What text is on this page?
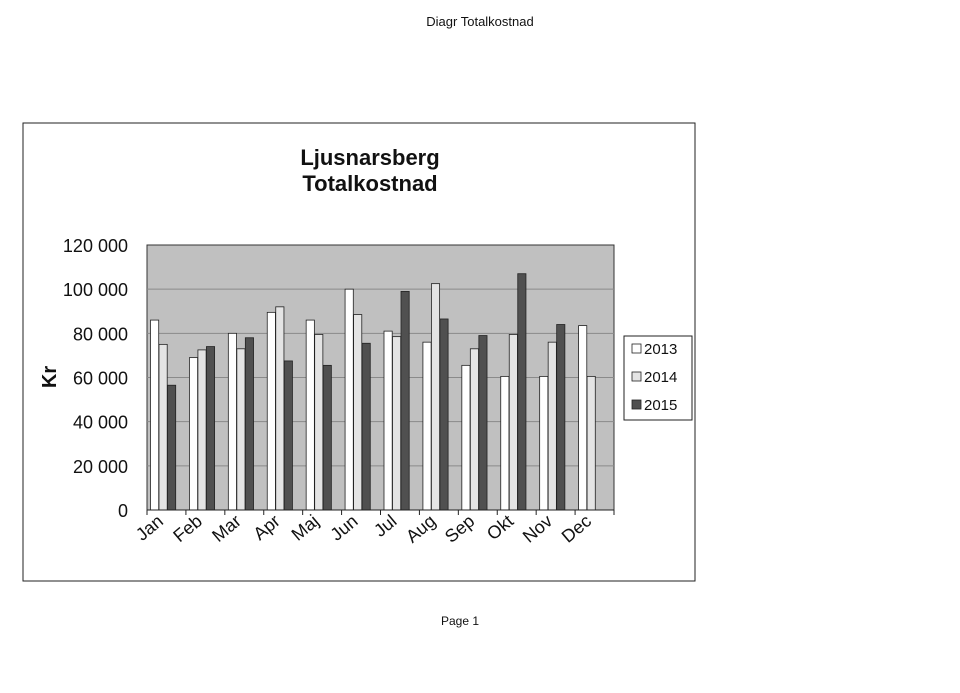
Diagr Totalkostnad
Ljusnarsberg
Totalkostnad
0
20 000
40 000
60 000
80 000
100 000
120 000
Jan Feb Mar Apr Maj Jun Jul Aug Sep Okt Nov Dec
Kr
2013
2014
2015
Page 1
